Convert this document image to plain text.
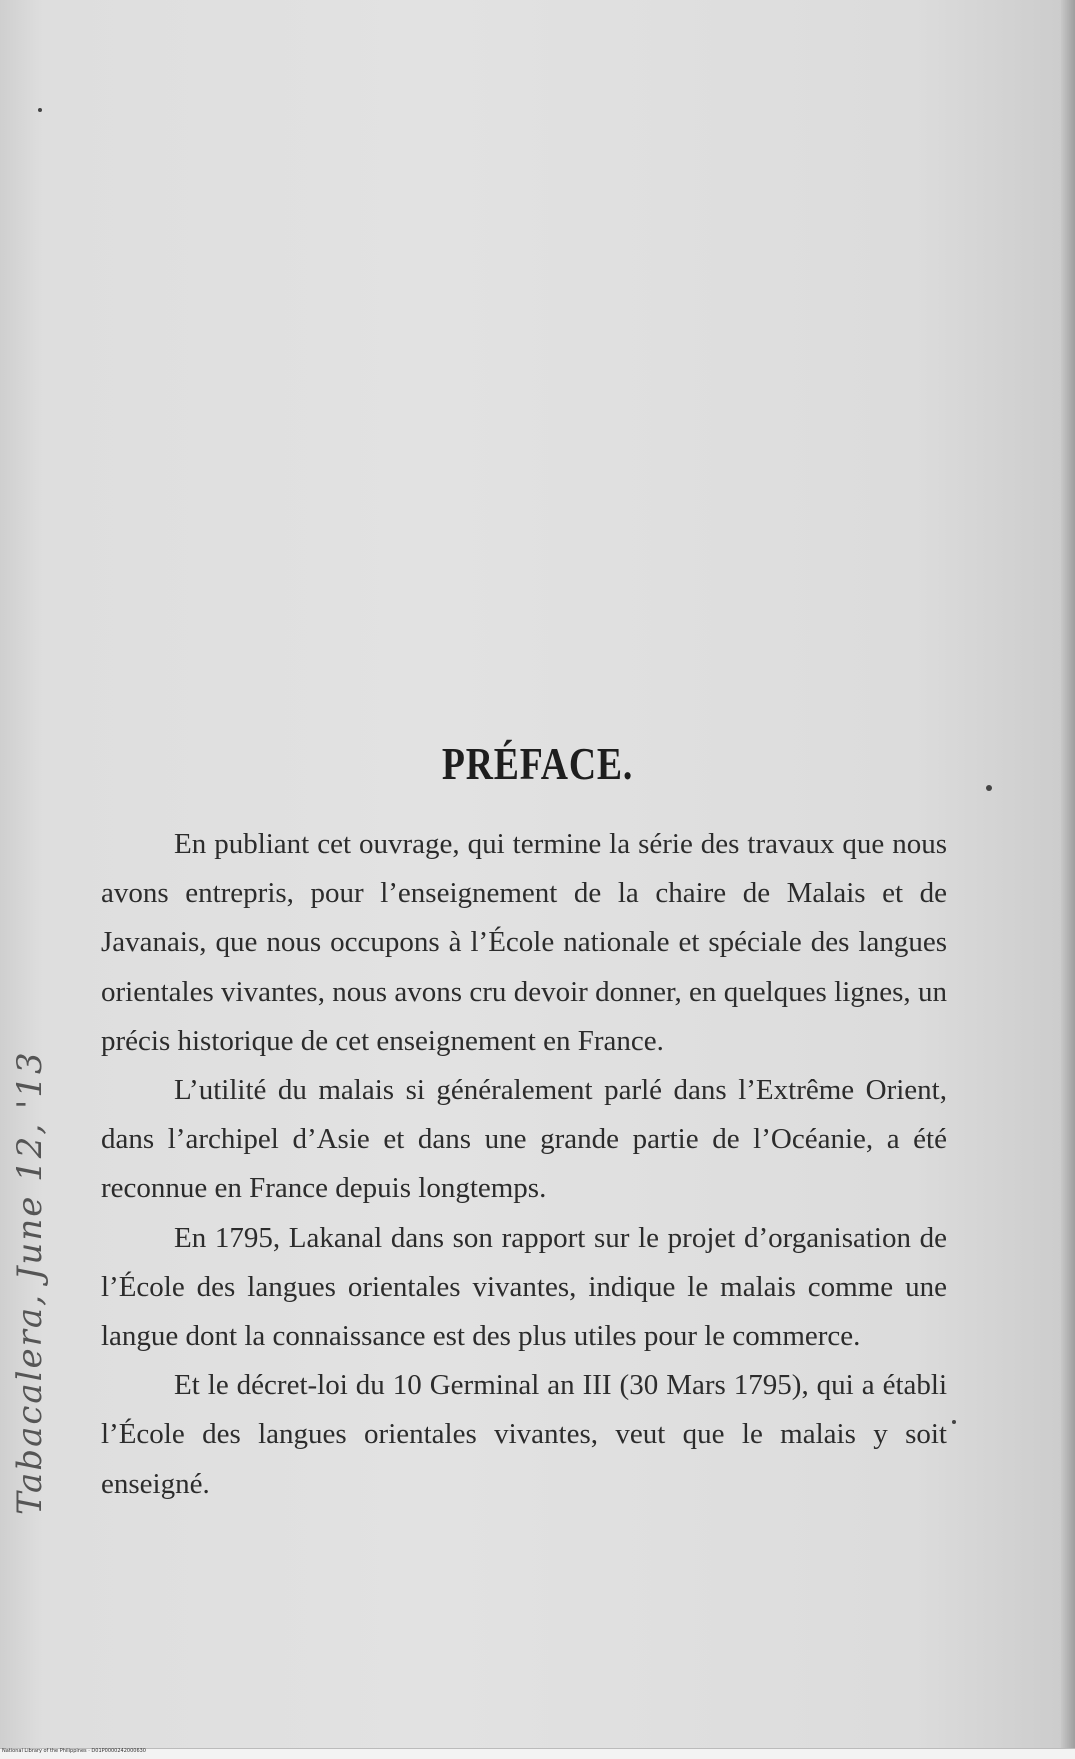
PRÉFACE.

En publiant cet ouvrage, qui termine la série des travaux que nous avons entrepris, pour l’enseignement de la chaire de Malais et de Javanais, que nous occupons à l’École nationale et spéciale des langues orientales vivantes, nous avons cru devoir donner, en quelques lignes, un précis historique de cet enseignement en France.

L’utilité du malais si généralement parlé dans l’Extrême Orient, dans l’archipel d’Asie et dans une grande partie de l’Océanie, a été reconnue en France depuis longtemps.

En 1795, Lakanal dans son rapport sur le projet d’organisation de l’École des langues orientales vivantes, indique le malais comme une langue dont la connaissance est des plus utiles pour le commerce.

Et le décret-loi du 10 Germinal an III (30 Mars 1795), qui a établi l’École des langues orientales vivantes, veut que le malais y soit enseigné.

Tabacalera, June 12, '13
National Library of the Philippines · D01P0000242000630
